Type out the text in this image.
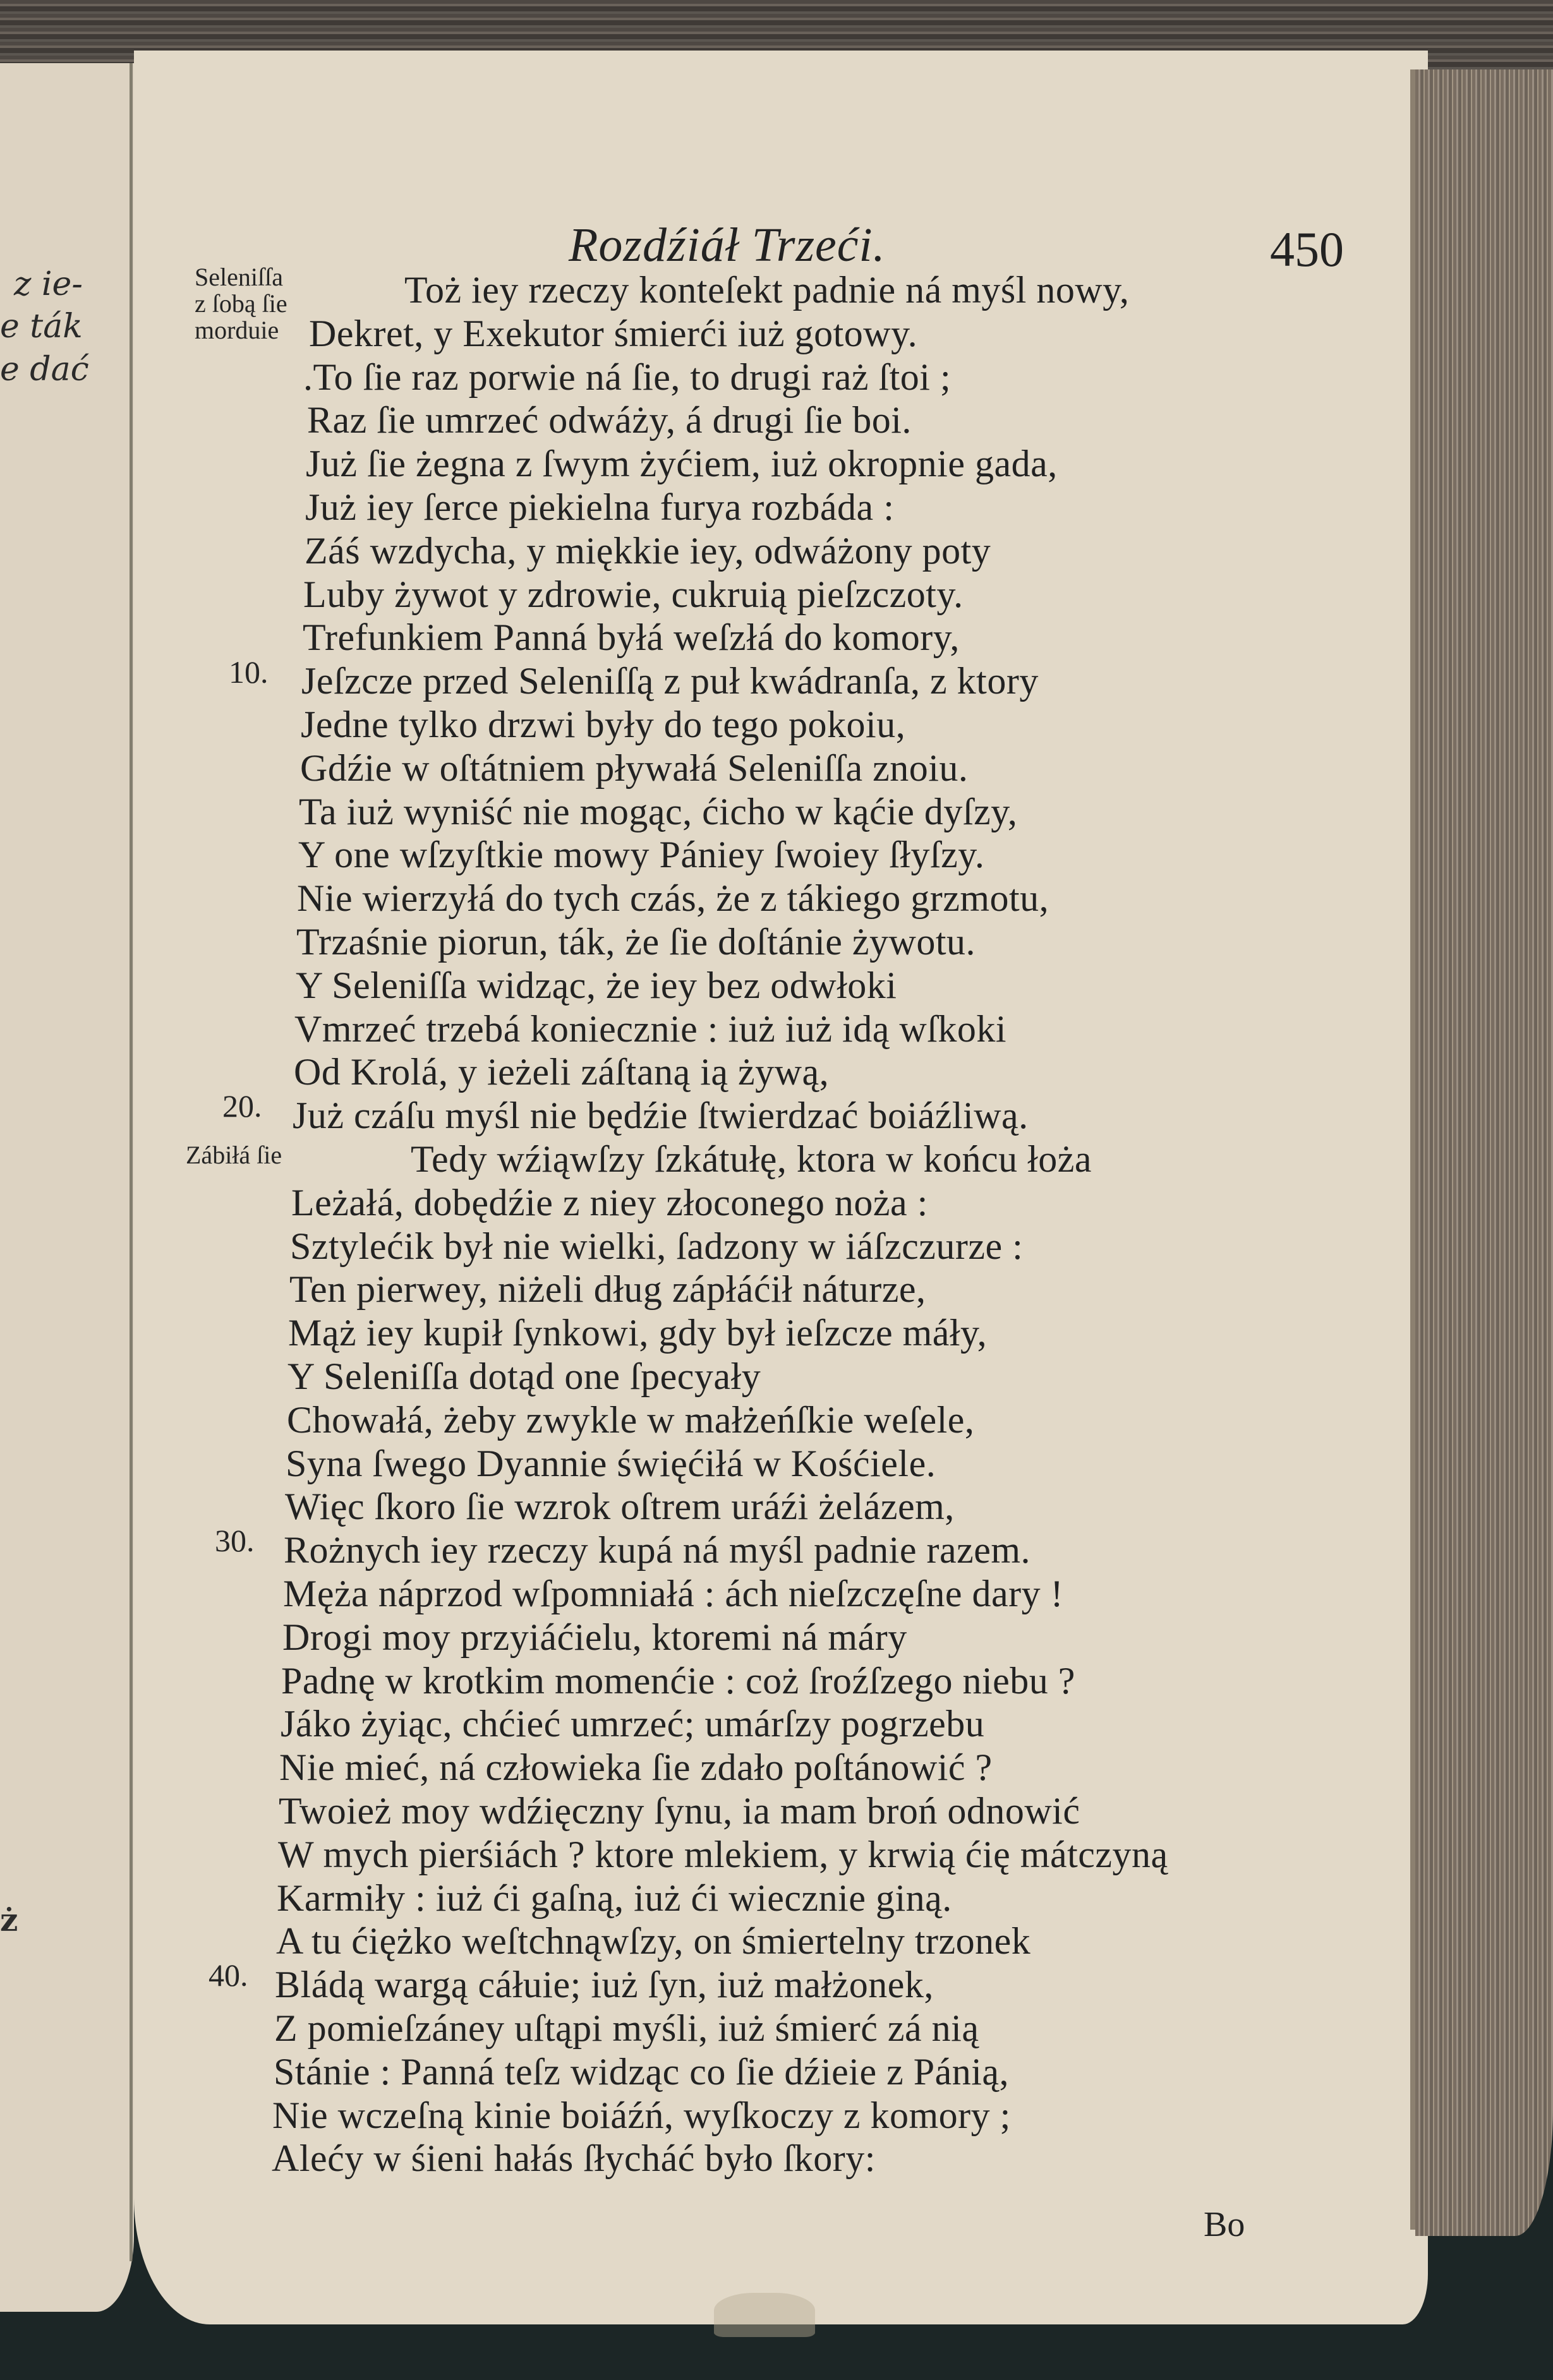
z ie-
e ták
e dać
ż
Rozdźiáł Trzeći.	450
Seleniſſa
z ſobą ſie
morduie
Zábiłá ſie
10.
20.
30.
40.
Toż iey rzeczy konteſekt padnie ná myśl nowy,
Dekret, y Exekutor śmierći iuż gotowy.
.To ſie raz porwie ná ſie, to drugi raż ſtoi ;
Raz ſie umrzeć odwáży, á drugi ſie boi.
Już ſie żegna z ſwym żyćiem, iuż okropnie gada,
Już iey ſerce piekielna furya rozbáda :
Záś wzdycha, y miękkie iey, odwáżony poty
Luby żywot y zdrowie, cukruią pieſzczoty.
Trefunkiem Panná byłá weſzłá do komory,
Jeſzcze przed Seleniſſą z puł kwádranſa, z ktory
Jedne tylko drzwi były do tego pokoiu,
Gdźie w oſtátniem pływałá Seleniſſa znoiu.
Ta iuż wyniść nie mogąc, ćicho w kąćie dyſzy,
Y one wſzyſtkie mowy Pániey ſwoiey ſłyſzy.
Nie wierzyłá do tych czás, że z tákiego grzmotu,
Trzaśnie piorun, ták, że ſie doſtánie żywotu.
Y Seleniſſa widząc, że iey bez odwłoki
Vmrzeć trzebá koniecznie : iuż iuż idą wſkoki
Od Krolá, y ieżeli záſtaną ią żywą,
Już czáſu myśl nie będźie ſtwierdzać boiáźliwą.
Tedy wźiąwſzy ſzkátułę, ktora w końcu łoża
Leżałá, dobędźie z niey złoconego noża :
Sztylećik był nie wielki, ſadzony w iáſzczurze :
Ten pierwey, niżeli dług zápłáćił náturze,
Mąż iey kupił ſynkowi, gdy był ieſzcze máły,
Y Seleniſſa dotąd one ſpecyały
Chowałá, żeby zwykle w małżeńſkie weſele,
Syna ſwego Dyannie święćiłá w Kośćiele.
Więc ſkoro ſie wzrok oſtrem uráźi żelázem,
Rożnych iey rzeczy kupá ná myśl padnie razem.
Męża náprzod wſpomniałá : ách nieſzczęſne dary !
Drogi moy przyiáćielu, ktoremi ná máry
Padnę w krotkim momenćie : coż ſroźſzego niebu ?
Jáko żyiąc, chćieć umrzeć; umárſzy pogrzebu
Nie mieć, ná człowieka ſie zdało poſtánowić ?
Twoież moy wdźięczny ſynu, ia mam broń odnowić
W mych pierśiách ? ktore mlekiem, y krwią ćię mátczyną
Karmiły : iuż ći gaſną, iuż ći wiecznie giną.
A tu ćiężko weſtchnąwſzy, on śmiertelny trzonek
Bládą wargą cáłuie; iuż ſyn, iuż małżonek,
Z pomieſzáney uſtąpi myśli, iuż śmierć zá nią
Stánie : Panná teſz widząc co ſie dźieie z Pánią,
Nie wczeſną kinie boiáźń, wyſkoczy z komory ;
Alećy w śieni hałás ſłycháć było ſkory:
Bo
